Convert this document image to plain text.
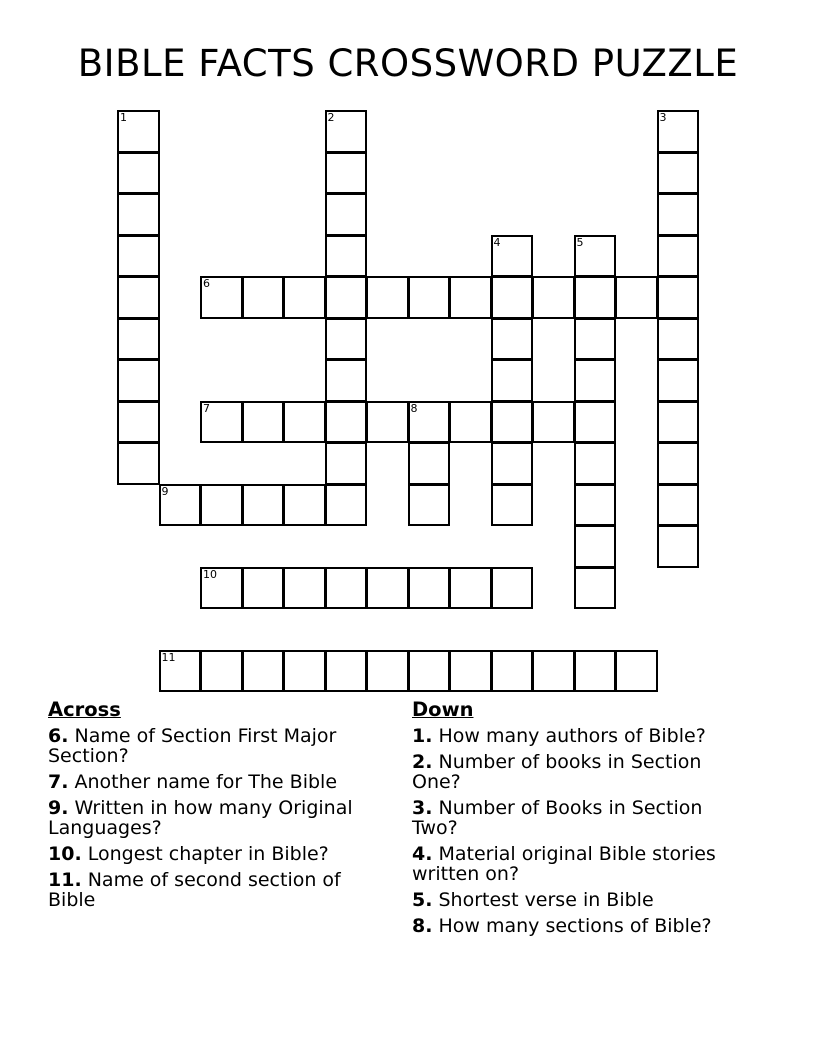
BIBLE FACTS CROSSWORD PUZZLE
1	2	3
4	5
6
7	8
9
10
11
Across
6. Name of Section First Major Section?
7. Another name for The Bible
9. Written in how many Original Languages?
10. Longest chapter in Bible?
11. Name of second section of Bible
Down
1. How many authors of Bible?
2. Number of books in Section One?
3. Number of Books in Section Two?
4. Material original Bible stories written on?
5. Shortest verse in Bible
8. How many sections of Bible?
